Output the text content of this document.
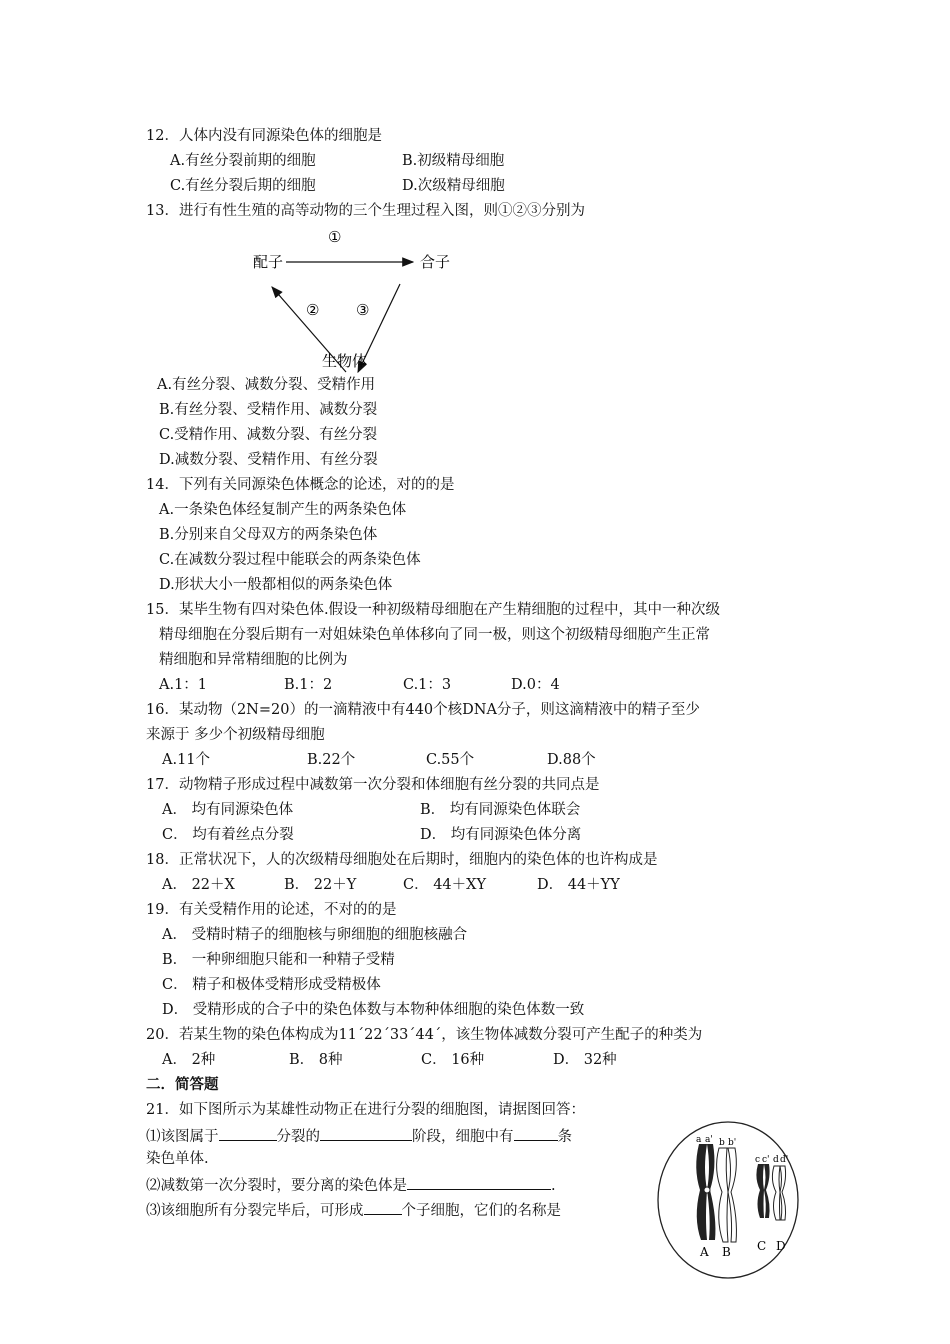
12．人体内没有同源染色体的细胞是
A.有丝分裂前期的细胞	B.初级精母细胞
C.有丝分裂后期的细胞	D.次级精母细胞
13．进行有性生殖的高等动物的三个生理过程入图，则①②③分别为
①
配子	合子
② ③
生物体
A.有丝分裂、减数分裂、受精作用
B.有丝分裂、受精作用、减数分裂
C.受精作用、减数分裂、有丝分裂
D.减数分裂、受精作用、有丝分裂
14．下列有关同源染色体概念的论述，对的的是
A.一条染色体经复制产生的两条染色体
B.分别来自父母双方的两条染色体
C.在减数分裂过程中能联会的两条染色体
D.形状大小一般都相似的两条染色体
15．某毕生物有四对染色体.假设一种初级精母细胞在产生精细胞的过程中，其中一种次级
精母细胞在分裂后期有一对姐妹染色单体移向了同一极，则这个初级精母细胞产生正常
精细胞和异常精细胞的比例为
A.1：1	B.1：2	C.1：3	D.0：4
16．某动物（2N=20）的一滴精液中有440个核DNA分子，则这滴精液中的精子至少
来源于 多少个初级精母细胞
A.11个	B.22个	C.55个	D.88个
17．动物精子形成过程中减数第一次分裂和体细胞有丝分裂的共同点是
A． 均有同源染色体	B． 均有同源染色体联会
C． 均有着丝点分裂	D． 均有同源染色体分离
18．正常状况下，人的次级精母细胞处在后期时，细胞内的染色体的也许构成是
A． 22＋X	B． 22＋Y	C． 44＋XY	D． 44＋YY
19．有关受精作用的论述，不对的的是
A． 受精时精子的细胞核与卵细胞的细胞核融合
B． 一种卵细胞只能和一种精子受精
C． 精子和极体受精形成受精极体
D． 受精形成的合子中的染色体数与本物种体细胞的染色体数一致
20．若某生物的染色体构成为11ˊ22ˊ33ˊ44ˊ，该生物体减数分裂可产生配子的种类为
A． 2种	B． 8种	C． 16种	D． 32种
二．简答题
21．如下图所示为某雄性动物正在进行分裂的细胞图，请据图回答：
⑴该图属于	分裂的	阶段，细胞中有	条
染色单体.
⑵减数第一次分裂时，要分离的染色体是	.
⑶该细胞所有分裂完毕后，可形成	个子细胞，它们的名称是
a a' b b'
c c' d d'
A B C D
